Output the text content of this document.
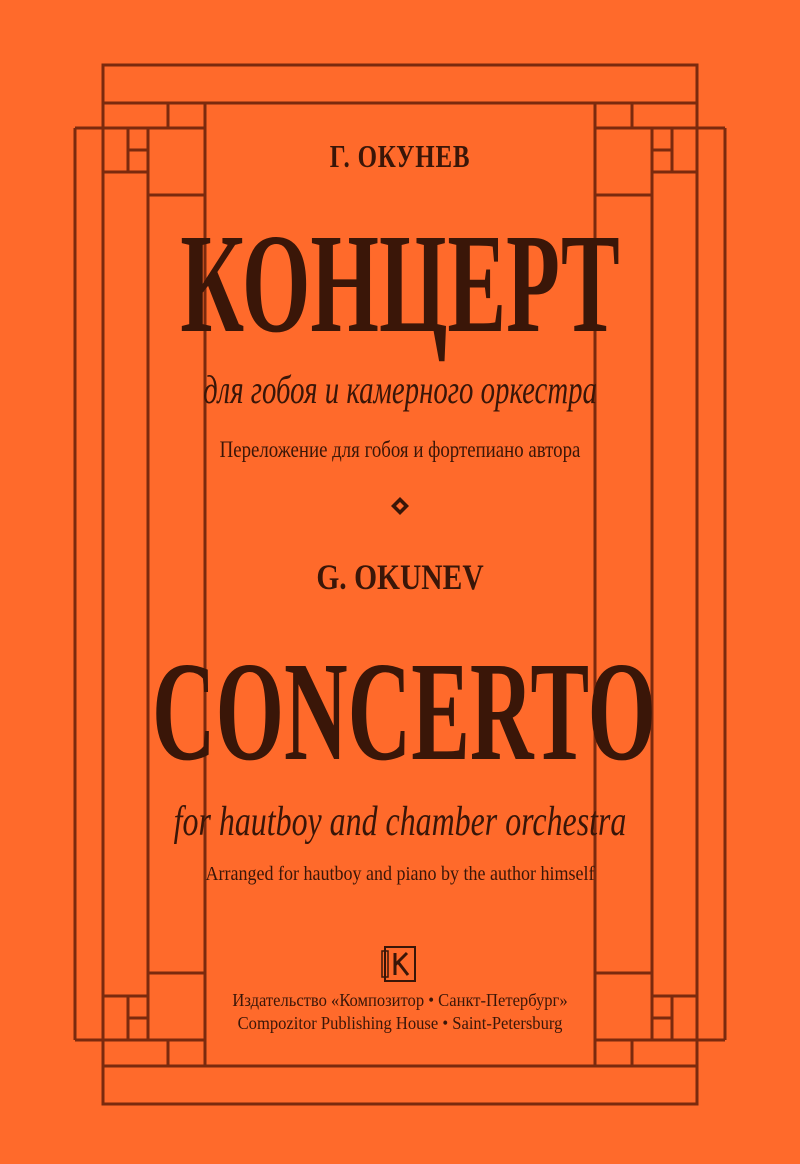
Г. ОКУНЕВ
КОНЦЕРТ

для гобоя и камерного оркестра

Переложение для гобоя и фортепиано автора

G. OKUNEV
CONCERTO

for hautboy and chamber orchestra

Arranged for hautboy and piano by the author himself

Издательство «Композитор • Санкт-Петербург»

Compozitor Publishing House • Saint-Petersburg
